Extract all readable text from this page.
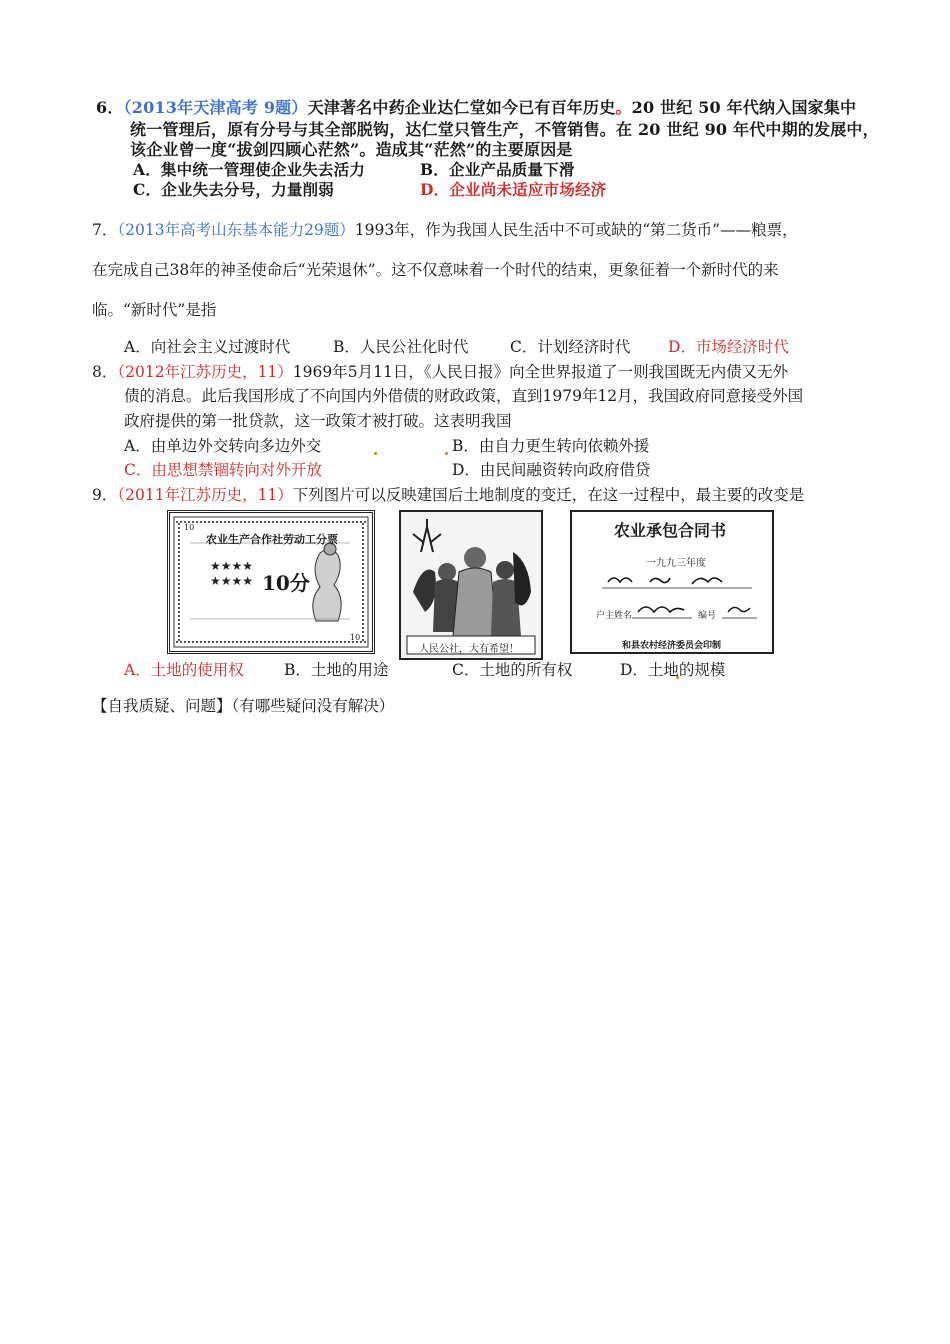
6．（2013年天津高考 9题）天津著名中药企业达仁堂如今已有百年历史。20 世纪 50 年代纳入国家集中
统一管理后，原有分号与其全部脱钩，达仁堂只管生产，不管销售。在 20 世纪 90 年代中期的发展中，
该企业曾一度“拔剑四顾心茫然”。造成其“茫然”的主要原因是
A．集中统一管理使企业失去活力	B．企业产品质量下滑
C．企业失去分号，力量削弱	D．企业尚未适应市场经济
7．（2013年高考山东基本能力29题）1993年，作为我国人民生活中不可或缺的“第二货币”——粮票，
在完成自己38年的神圣使命后“光荣退休”。这不仅意味着一个时代的结束，更象征着一个新时代的来
临。“新时代”是指
A．向社会主义过渡时代	B．人民公社化时代	C．计划经济时代 D．市场经济时代
8．（2012年江苏历史，11）1969年5月11日，《人民日报》向全世界报道了一则我国既无内债又无外
债的消息。此后我国形成了不向国内外借债的财政政策，直到1979年12月，我国政府同意接受外国
政府提供的第一批贷款，这一政策才被打破。这表明我国
A．由单边外交转向多边外交	B．由自力更生转向依赖外援
C．由思想禁锢转向对外开放	D．由民间融资转向政府借贷
9．（2011年江苏历史，11）下列图片可以反映建国后土地制度的变迁，在这一过程中，最主要的改变是
★★★★
★★★★
农业生产合作社劳动工分票
10分
10
10
人民公社，大有希望！
农业承包合同书
一九九三年度
户主姓名	编号
和县农村经济委员会印制
A．土地的使用权	B．土地的用途	C．土地的所有权	D．土地的规模
【自我质疑、问题】（有哪些疑问没有解决）
